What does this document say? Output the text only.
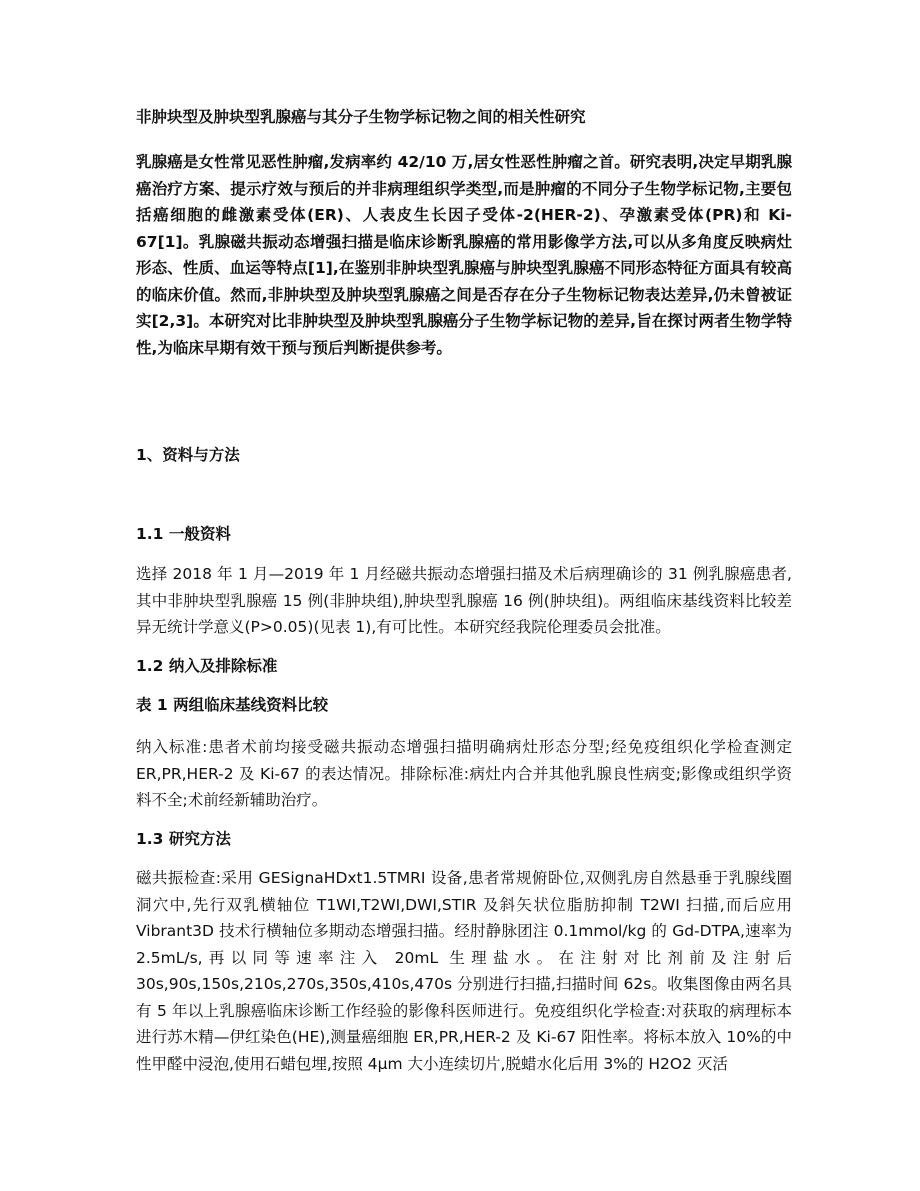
非肿块型及肿块型乳腺癌与其分子生物学标记物之间的相关性研究

乳腺癌是女性常见恶性肿瘤,发病率约 42/10 万,居女性恶性肿瘤之首。研究表明,决定早期乳腺癌治疗方案、提示疗效与预后的并非病理组织学类型,而是肿瘤的不同分子生物学标记物,主要包括癌细胞的雌激素受体(ER)、人表皮生长因子受体-2(HER-2)、孕激素受体(PR)和 Ki-67[1]。乳腺磁共振动态增强扫描是临床诊断乳腺癌的常用影像学方法,可以从多角度反映病灶形态、性质、血运等特点[1],在鉴别非肿块型乳腺癌与肿块型乳腺癌不同形态特征方面具有较高的临床价值。然而,非肿块型及肿块型乳腺癌之间是否存在分子生物标记物表达差异,仍未曾被证实[2,3]。本研究对比非肿块型及肿块型乳腺癌分子生物学标记物的差异,旨在探讨两者生物学特性,为临床早期有效干预与预后判断提供参考。

1、资料与方法
1.1 一般资料

选择 2018 年 1 月—2019 年 1 月经磁共振动态增强扫描及术后病理确诊的 31 例乳腺癌患者,其中非肿块型乳腺癌 15 例(非肿块组),肿块型乳腺癌 16 例(肿块组)。两组临床基线资料比较差异无统计学意义(P>0.05)(见表 1),有可比性。本研究经我院伦理委员会批准。

1.2 纳入及排除标准

表 1 两组临床基线资料比较

纳入标准:患者术前均接受磁共振动态增强扫描明确病灶形态分型;经免疫组织化学检查测定 ER,PR,HER-2 及 Ki-67 的表达情况。排除标准:病灶内合并其他乳腺良性病变;影像或组织学资料不全;术前经新辅助治疗。

1.3 研究方法

磁共振检查:采用 GESignaHDxt1.5TMRI 设备,患者常规俯卧位,双侧乳房自然悬垂于乳腺线圈洞穴中,先行双乳横轴位 T1WI,T2WI,DWI,STIR 及斜矢状位脂肪抑制 T2WI 扫描,而后应用 Vibrant3D 技术行横轴位多期动态增强扫描。经肘静脉团注 0.1mmol/kg 的 Gd-DTPA,速率为 2.5mL/s,再以同等速率注入 20mL 生理盐水。在注射对比剂前及注射后 30s,90s,150s,210s,270s,350s,410s,470s 分别进行扫描,扫描时间 62s。收集图像由两名具有 5 年以上乳腺癌临床诊断工作经验的影像科医师进行。免疫组织化学检查:对获取的病理标本进行苏木精—伊红染色(HE),测量癌细胞 ER,PR,HER-2 及 Ki-67 阳性率。将标本放入 10%的中性甲醛中浸泡,使用石蜡包埋,按照 4μm 大小连续切片,脱蜡水化后用 3%的 H2O2 灭活
